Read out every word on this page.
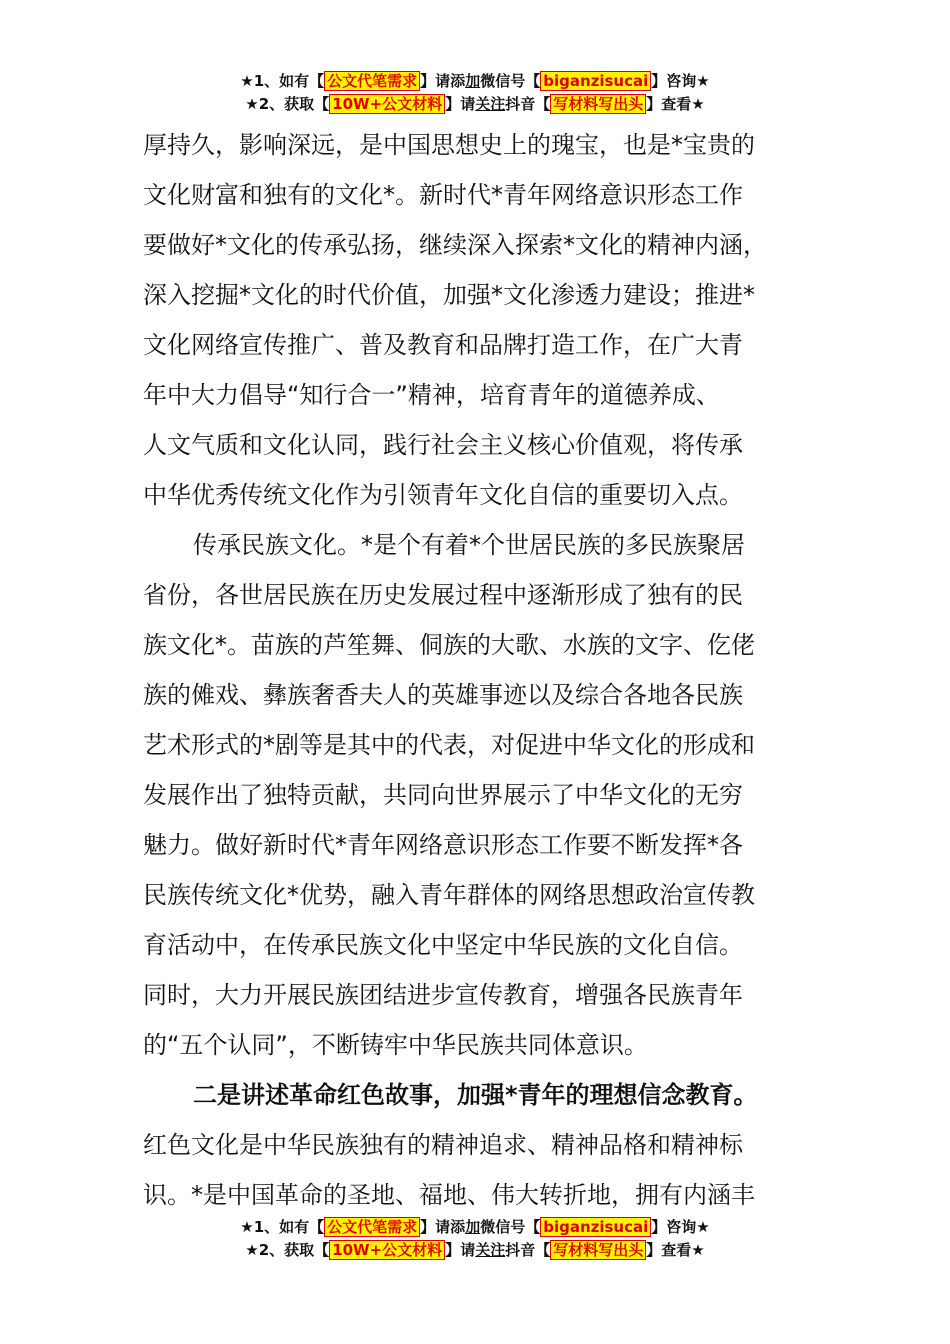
★1、如有【 公文代笔需求 】请添加微信号【 biganzisucai 】咨询★
★2、获取【 10W+公文材料 】请关注抖音【 写材料写出头 】查看★
厚持久，影响深远，是中国思想史上的瑰宝，也是*宝贵的
文化财富和独有的文化*。新时代*青年网络意识形态工作
要做好*文化的传承弘扬，继续深入探索*文化的精神内涵，
深入挖掘*文化的时代价值，加强*文化渗透力建设；推进*
文化网络宣传推广、普及教育和品牌打造工作，在广大青
年中大力倡导“知行合一”精神，培育青年的道德养成、
人文气质和文化认同，践行社会主义核心价值观，将传承
中华优秀传统文化作为引领青年文化自信的重要切入点。
传承民族文化。*是个有着*个世居民族的多民族聚居
省份，各世居民族在历史发展过程中逐渐形成了独有的民
族文化*。苗族的芦笙舞、侗族的大歌、水族的文字、仡佬
族的傩戏、彝族奢香夫人的英雄事迹以及综合各地各民族
艺术形式的*剧等是其中的代表，对促进中华文化的形成和
发展作出了独特贡献，共同向世界展示了中华文化的无穷
魅力。做好新时代*青年网络意识形态工作要不断发挥*各
民族传统文化*优势，融入青年群体的网络思想政治宣传教
育活动中，在传承民族文化中坚定中华民族的文化自信。
同时，大力开展民族团结进步宣传教育，增强各民族青年
的“五个认同”，不断铸牢中华民族共同体意识。
二是讲述革命红色故事，加强*青年的理想信念教育。
红色文化是中华民族独有的精神追求、精神品格和精神标
识。*是中国革命的圣地、福地、伟大转折地，拥有内涵丰
★1、如有【 公文代笔需求 】请添加微信号【 biganzisucai 】咨询★
★2、获取【 10W+公文材料 】请关注抖音【 写材料写出头 】查看★
